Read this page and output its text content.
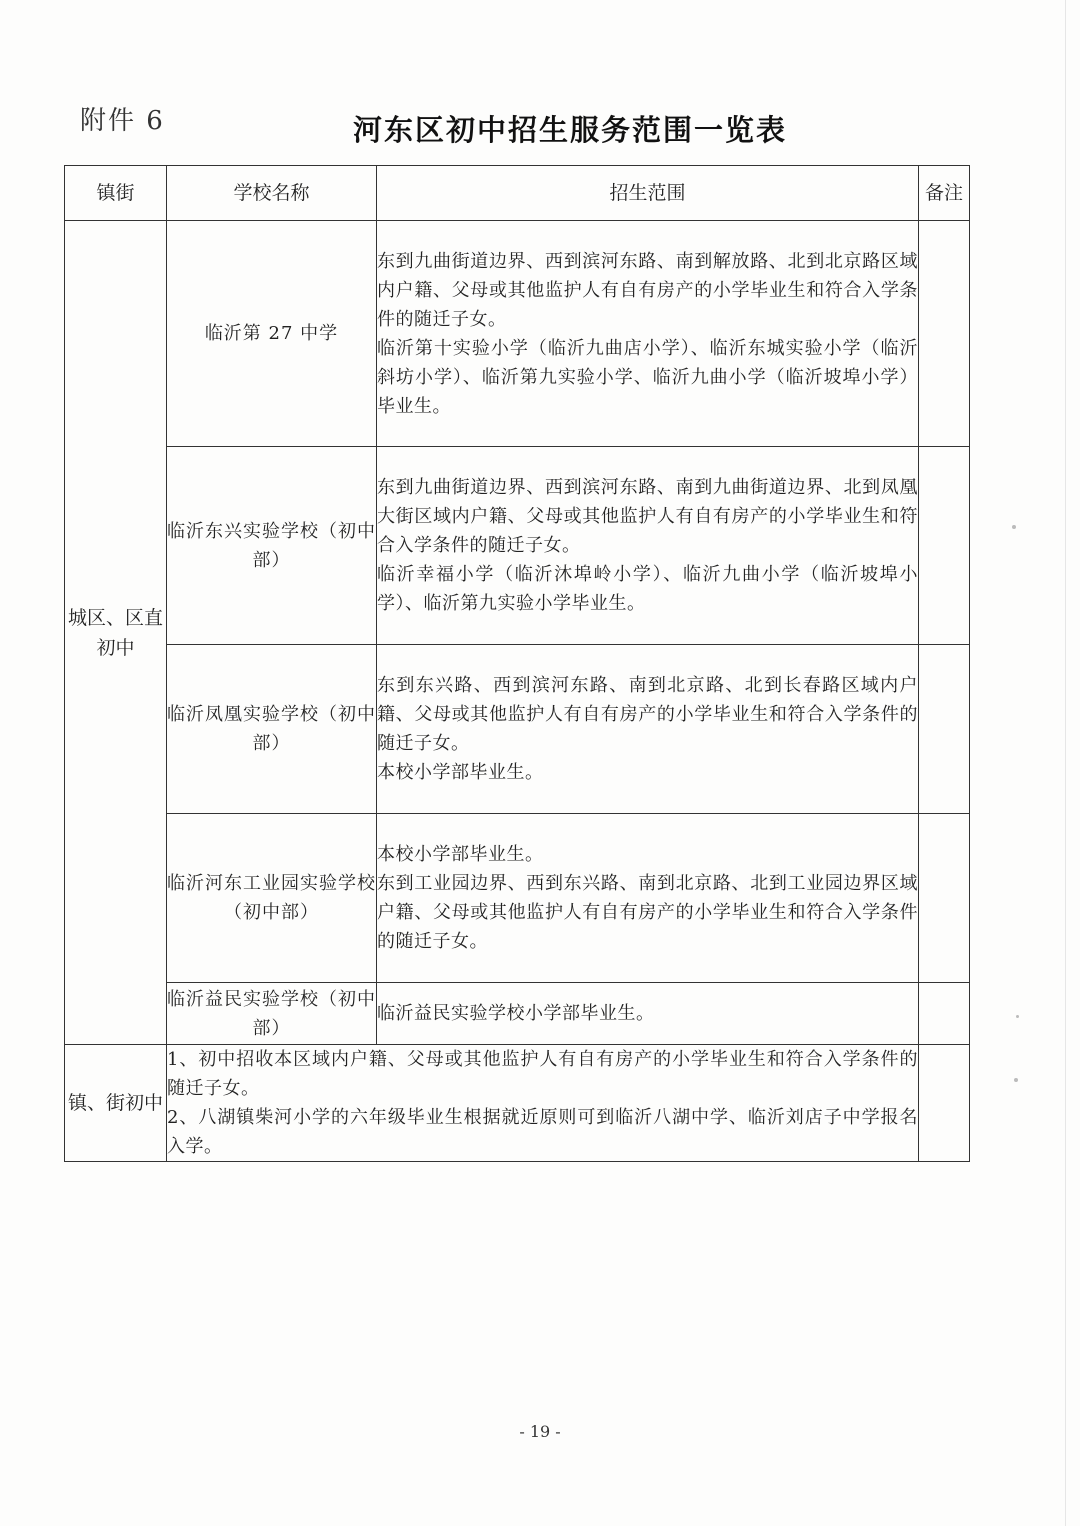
附件 6	河东区初中招生服务范围一览表
镇街	学校名称	招生范围	备注
城区、区直初中	临沂第 27 中学	东到九曲街道边界、西到滨河东路、南到解放路、北到北京路区域内户籍、父母或其他监护人有自有房产的小学毕业生和符合入学条件的随迁子女。
临沂第十实验小学（临沂九曲店小学）、临沂东城实验小学（临沂斜坊小学）、临沂第九实验小学、临沂九曲小学（临沂坡埠小学）毕业生。	

	临沂东兴实验学校（初中部）	东到九曲街道边界、西到滨河东路、南到九曲街道边界、北到凤凰大街区域内户籍、父母或其他监护人有自有房产的小学毕业生和符合入学条件的随迁子女。
临沂幸福小学（临沂沐埠岭小学）、临沂九曲小学（临沂坡埠小学）、临沂第九实验小学毕业生。	

	临沂凤凰实验学校（初中部）	东到东兴路、西到滨河东路、南到北京路、北到长春路区域内户籍、父母或其他监护人有自有房产的小学毕业生和符合入学条件的随迁子女。
本校小学部毕业生。	

	临沂河东工业园实验学校（初中部）	本校小学部毕业生。
东到工业园边界、西到东兴路、南到北京路、北到工业园边界区域户籍、父母或其他监护人有自有房产的小学毕业生和符合入学条件的随迁子女。	

	临沂益民实验学校（初中部）	临沂益民实验学校小学部毕业生。	

镇、街初中	1、初中招收本区域内户籍、父母或其他监护人有自有房产的小学毕业生和符合入学条件的随迁子女。
2、八湖镇柴河小学的六年级毕业生根据就近原则可到临沂八湖中学、临沂刘店子中学报名入学。		

- 19 -
